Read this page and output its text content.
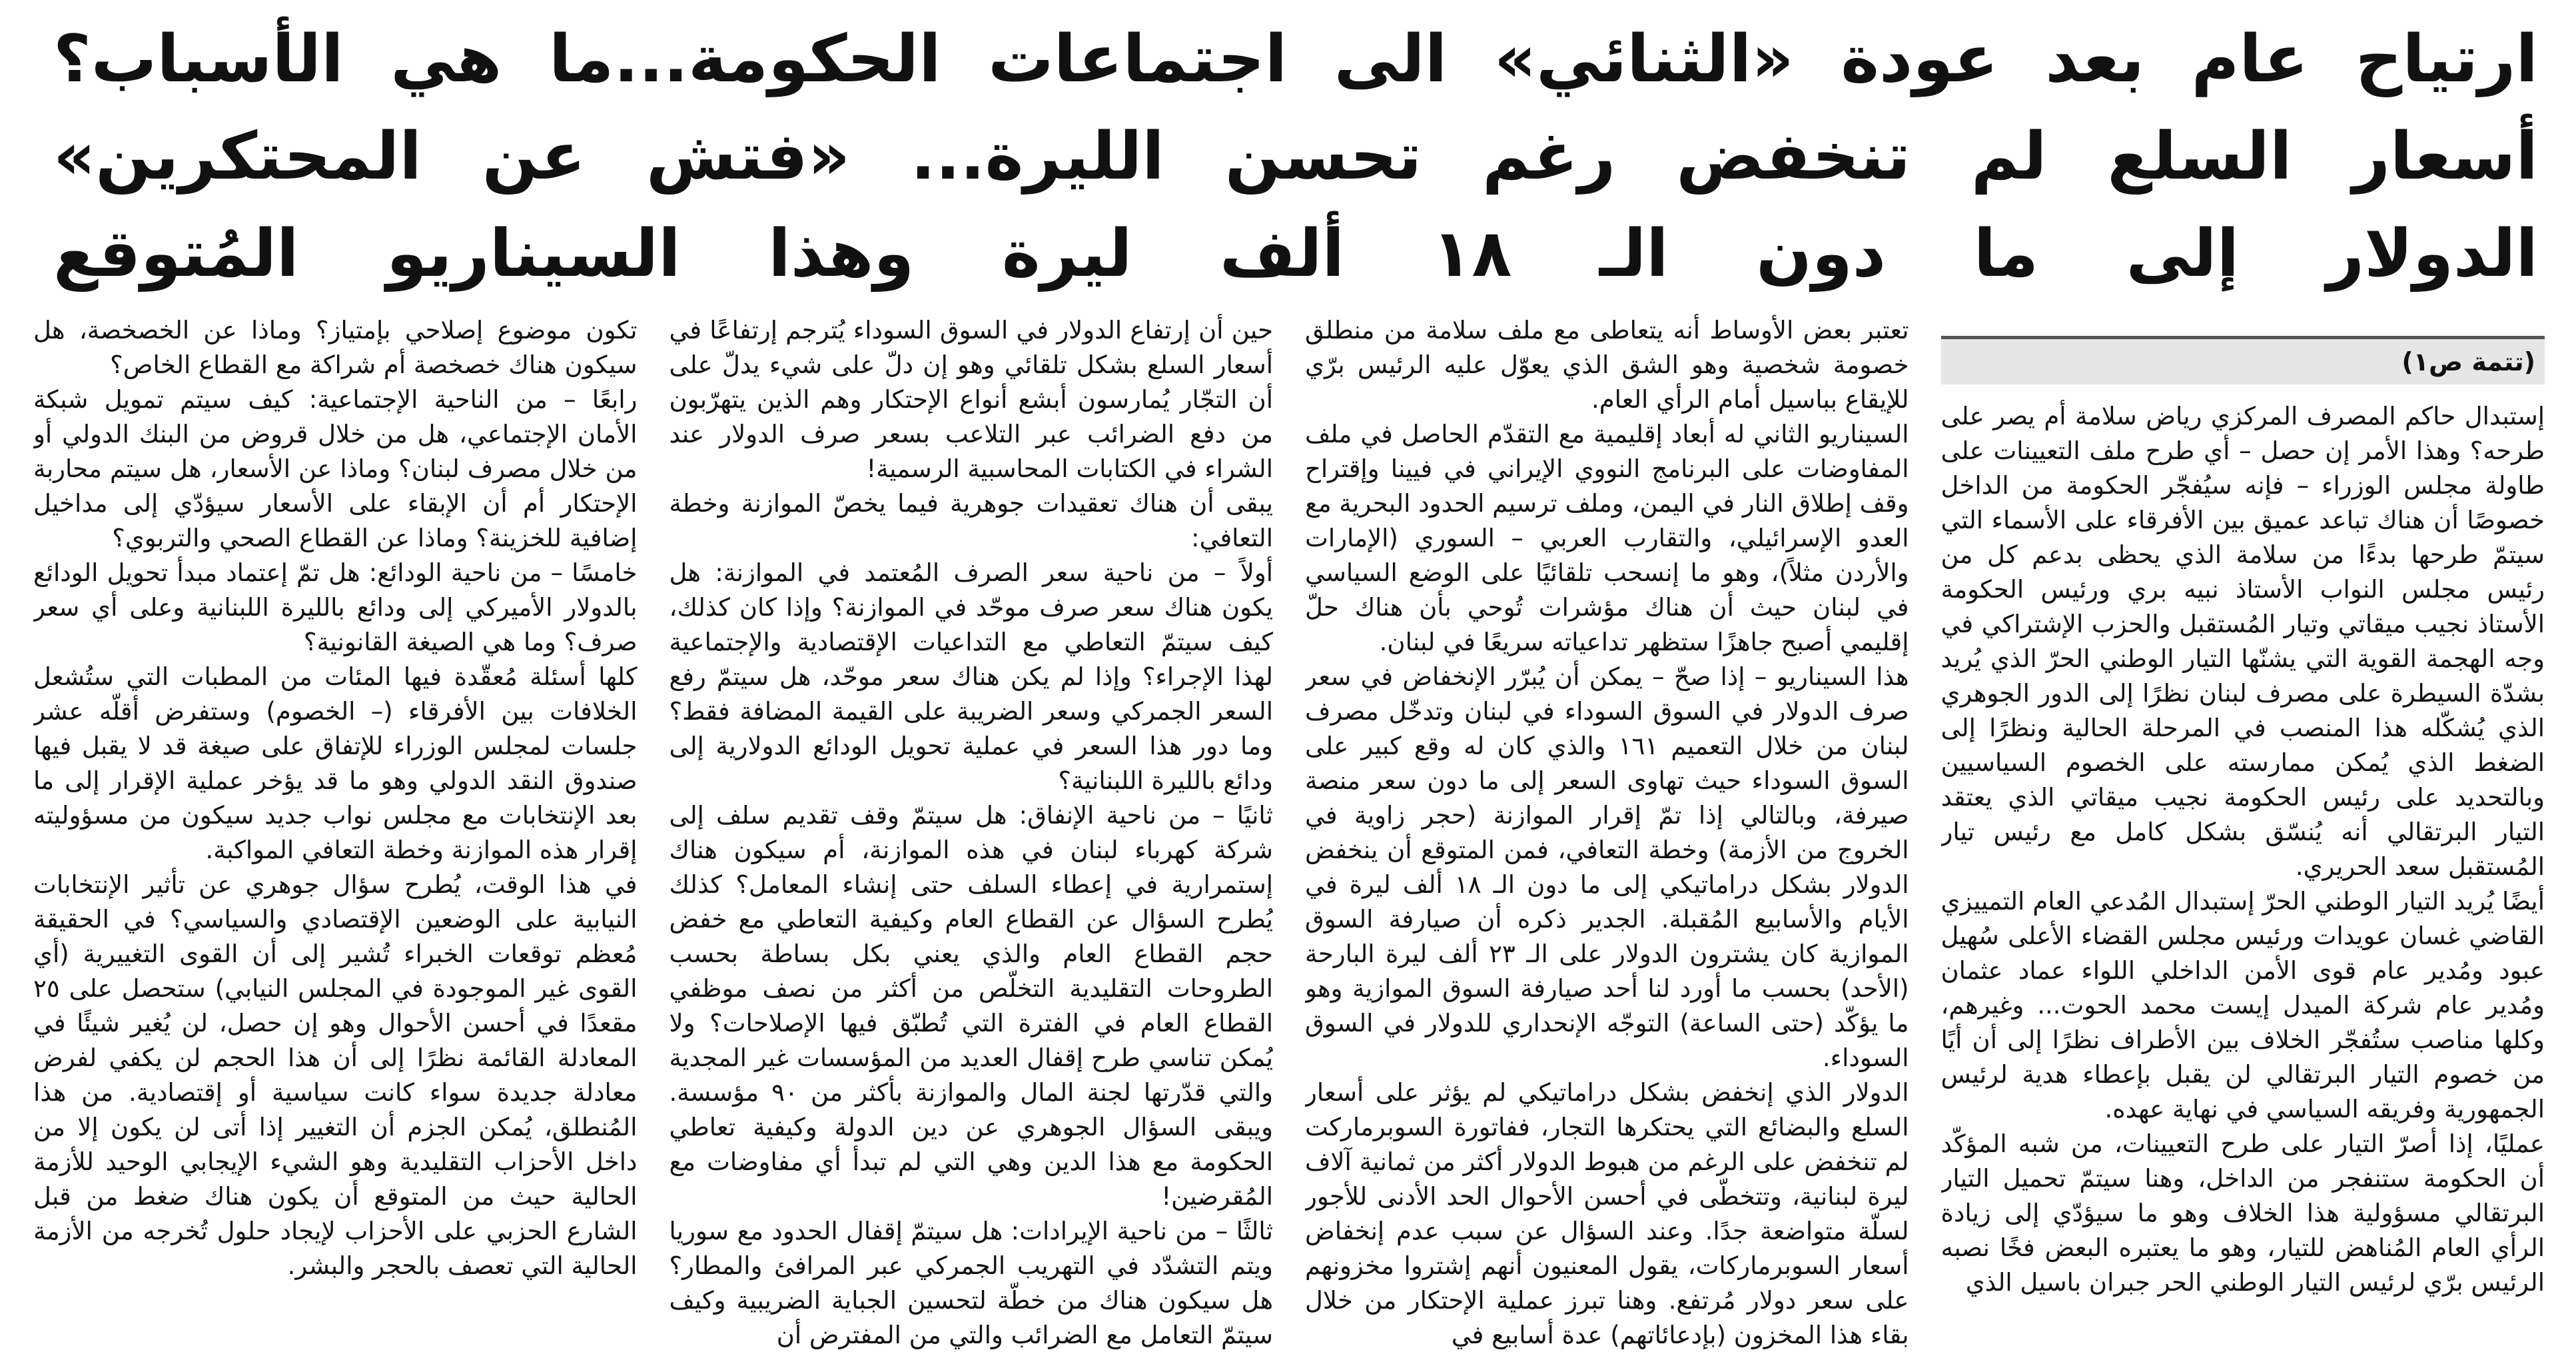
ارتياح عام بعد عودة «الثنائي» الى اجتماعات الحكومة...ما هي الأسباب؟
أسعار السلع لم تنخفض رغم تحسن الليرة... «فتش عن المحتكرين»
الدولار إلى ما دون الـ ١٨ ألف ليرة وهذا السيناريو المُتوقع
(تتمة ص١)

إستبدال حاكم المصرف المركزي رياض سلامة أم يصر على طرحه؟ وهذا الأمر إن حصل – أي طرح ملف التعيينات على طاولة مجلس الوزراء – فإنه سيُفجّر الحكومة من الداخل خصوصًا أن هناك تباعد عميق بين الأفرقاء على الأسماء التي سيتمّ طرحها بدءًا من سلامة الذي يحظى بدعم كل من رئيس مجلس النواب الأستاذ نبيه بري ورئيس الحكومة الأستاذ نجيب ميقاتي وتيار المُستقبل والحزب الإشتراكي في وجه الهجمة القوية التي يشنّها التيار الوطني الحرّ الذي يُريد بشدّة السيطرة على مصرف لبنان نظرًا إلى الدور الجوهري الذي يُشكّله هذا المنصب في المرحلة الحالية ونظرًا إلى الضغط الذي يُمكن ممارسته على الخصوم السياسيين وبالتحديد على رئيس الحكومة نجيب ميقاتي الذي يعتقد التيار البرتقالي أنه يُنسّق بشكل كامل مع رئيس تيار المُستقبل سعد الحريري.

أيضًا يُريد التيار الوطني الحرّ إستبدال المُدعي العام التمييزي القاضي غسان عويدات ورئيس مجلس القضاء الأعلى سُهيل عبود ومُدير عام قوى الأمن الداخلي اللواء عماد عثمان ومُدير عام شركة الميدل إيست محمد الحوت... وغيرهم، وكلها مناصب ستُفجّر الخلاف بين الأطراف نظرًا إلى أن أيًا من خصوم التيار البرتقالي لن يقبل بإعطاء هدية لرئيس الجمهورية وفريقه السياسي في نهاية عهده.

عمليًا، إذا أصرّ التيار على طرح التعيينات، من شبه المؤكّد أن الحكومة ستنفجر من الداخل، وهنا سيتمّ تحميل التيار البرتقالي مسؤولية هذا الخلاف وهو ما سيؤدّي إلى زيادة الرأي العام المُناهض للتيار، وهو ما يعتبره البعض فخًا نصبه الرئيس برّي لرئيس التيار الوطني الحر جبران باسيل الذي

تعتبر بعض الأوساط أنه يتعاطى مع ملف سلامة من منطلق خصومة شخصية وهو الشق الذي يعوّل عليه الرئيس برّي للإيقاع بباسيل أمام الرأي العام.

السيناريو الثاني له أبعاد إقليمية مع التقدّم الحاصل في ملف المفاوضات على البرنامج النووي الإيراني في فيينا وإقتراح وقف إطلاق النار في اليمن، وملف ترسيم الحدود البحرية مع العدو الإسرائيلي، والتقارب العربي – السوري (الإمارات والأردن مثلاً)، وهو ما إنسحب تلقائيًا على الوضع السياسي في لبنان حيث أن هناك مؤشرات تُوحي بأن هناك حلّ إقليمي أصبح جاهزًا ستظهر تداعياته سريعًا في لبنان.

هذا السيناريو – إذا صحّ – يمكن أن يُبرّر الإنخفاض في سعر صرف الدولار في السوق السوداء في لبنان وتدخّل مصرف لبنان من خلال التعميم ١٦١ والذي كان له وقع كبير على السوق السوداء حيث تهاوى السعر إلى ما دون سعر منصة صيرفة، وبالتالي إذا تمّ إقرار الموازنة (حجر زاوية في الخروج من الأزمة) وخطة التعافي، فمن المتوقع أن ينخفض الدولار بشكل دراماتيكي إلى ما دون الـ ١٨ ألف ليرة في الأيام والأسابيع المُقبلة. الجدير ذكره أن صيارفة السوق الموازية كان يشترون الدولار على الـ ٢٣ ألف ليرة البارحة (الأحد) بحسب ما أورد لنا أحد صيارفة السوق الموازية وهو ما يؤكّد (حتى الساعة) التوجّه الإنحداري للدولار في السوق السوداء.

الدولار الذي إنخفض بشكل دراماتيكي لم يؤثر على أسعار السلع والبضائع التي يحتكرها التجار، ففاتورة السوبرماركت لم تنخفض على الرغم من هبوط الدولار أكثر من ثمانية آلاف ليرة لبنانية، وتتخطّى في أحسن الأحوال الحد الأدنى للأجور لسلّة متواضعة جدًا. وعند السؤال عن سبب عدم إنخفاض أسعار السوبرماركات، يقول المعنيون أنهم إشتروا مخزونهم على سعر دولار مُرتفع. وهنا تبرز عملية الإحتكار من خلال بقاء هذا المخزون (بإدعائاتهم) عدة أسابيع في

حين أن إرتفاع الدولار في السوق السوداء يُترجم إرتفاعًا في أسعار السلع بشكل تلقائي وهو إن دلّ على شيء يدلّ على أن التجّار يُمارسون أبشع أنواع الإحتكار وهم الذين يتهرّبون من دفع الضرائب عبر التلاعب بسعر صرف الدولار عند الشراء في الكتابات المحاسبية الرسمية!

يبقى أن هناك تعقيدات جوهرية فيما يخصّ الموازنة وخطة التعافي:

أولاً – من ناحية سعر الصرف المُعتمد في الموازنة: هل يكون هناك سعر صرف موحّد في الموازنة؟ وإذا كان كذلك، كيف سيتمّ التعاطي مع التداعيات الإقتصادية والإجتماعية لهذا الإجراء؟ وإذا لم يكن هناك سعر موحّد، هل سيتمّ رفع السعر الجمركي وسعر الضريبة على القيمة المضافة فقط؟ وما دور هذا السعر في عملية تحويل الودائع الدولارية إلى ودائع بالليرة اللبنانية؟

ثانيًا – من ناحية الإنفاق: هل سيتمّ وقف تقديم سلف إلى شركة كهرباء لبنان في هذه الموازنة، أم سيكون هناك إستمرارية في إعطاء السلف حتى إنشاء المعامل؟ كذلك يُطرح السؤال عن القطاع العام وكيفية التعاطي مع خفض حجم القطاع العام والذي يعني بكل بساطة بحسب الطروحات التقليدية التخلّص من أكثر من نصف موظفي القطاع العام في الفترة التي تُطبّق فيها الإصلاحات؟ ولا يُمكن تناسي طرح إقفال العديد من المؤسسات غير المجدية والتي قدّرتها لجنة المال والموازنة بأكثر من ٩٠ مؤسسة. ويبقى السؤال الجوهري عن دين الدولة وكيفية تعاطي الحكومة مع هذا الدين وهي التي لم تبدأ أي مفاوضات مع المُقرضين!

ثالثًا – من ناحية الإيرادات: هل سيتمّ إقفال الحدود مع سوريا ويتم التشدّد في التهريب الجمركي عبر المرافئ والمطار؟ هل سيكون هناك من خطّة لتحسين الجباية الضريبية وكيف سيتمّ التعامل مع الضرائب والتي من المفترض أن

تكون موضوع إصلاحي بإمتياز؟ وماذا عن الخصخصة، هل سيكون هناك خصخصة أم شراكة مع القطاع الخاص؟

رابعًا – من الناحية الإجتماعية: كيف سيتم تمويل شبكة الأمان الإجتماعي، هل من خلال قروض من البنك الدولي أو من خلال مصرف لبنان؟ وماذا عن الأسعار، هل سيتم محاربة الإحتكار أم أن الإبقاء على الأسعار سيؤدّي إلى مداخيل إضافية للخزينة؟ وماذا عن القطاع الصحي والتربوي؟

خامسًا – من ناحية الودائع: هل تمّ إعتماد مبدأ تحويل الودائع بالدولار الأميركي إلى ودائع بالليرة اللبنانية وعلى أي سعر صرف؟ وما هي الصيغة القانونية؟

كلها أسئلة مُعقّدة فيها المئات من المطبات التي ستُشعل الخلافات بين الأفرقاء (– الخصوم) وستفرض أقلّه عشر جلسات لمجلس الوزراء للإتفاق على صيغة قد لا يقبل فيها صندوق النقد الدولي وهو ما قد يؤخر عملية الإقرار إلى ما بعد الإنتخابات مع مجلس نواب جديد سيكون من مسؤوليته إقرار هذه الموازنة وخطة التعافي المواكبة.

في هذا الوقت، يُطرح سؤال جوهري عن تأثير الإنتخابات النيابية على الوضعين الإقتصادي والسياسي؟ في الحقيقة مُعظم توقعات الخبراء تُشير إلى أن القوى التغييرية (أي القوى غير الموجودة في المجلس النيابي) ستحصل على ٢٥ مقعدًا في أحسن الأحوال وهو إن حصل، لن يُغير شيئًا في المعادلة القائمة نظرًا إلى أن هذا الحجم لن يكفي لفرض معادلة جديدة سواء كانت سياسية أو إقتصادية. من هذا المُنطلق، يُمكن الجزم أن التغيير إذا أتى لن يكون إلا من داخل الأحزاب التقليدية وهو الشيء الإيجابي الوحيد للأزمة الحالية حيث من المتوقع أن يكون هناك ضغط من قبل الشارع الحزبي على الأحزاب لإيجاد حلول تُخرجه من الأزمة الحالية التي تعصف بالحجر والبشر.
